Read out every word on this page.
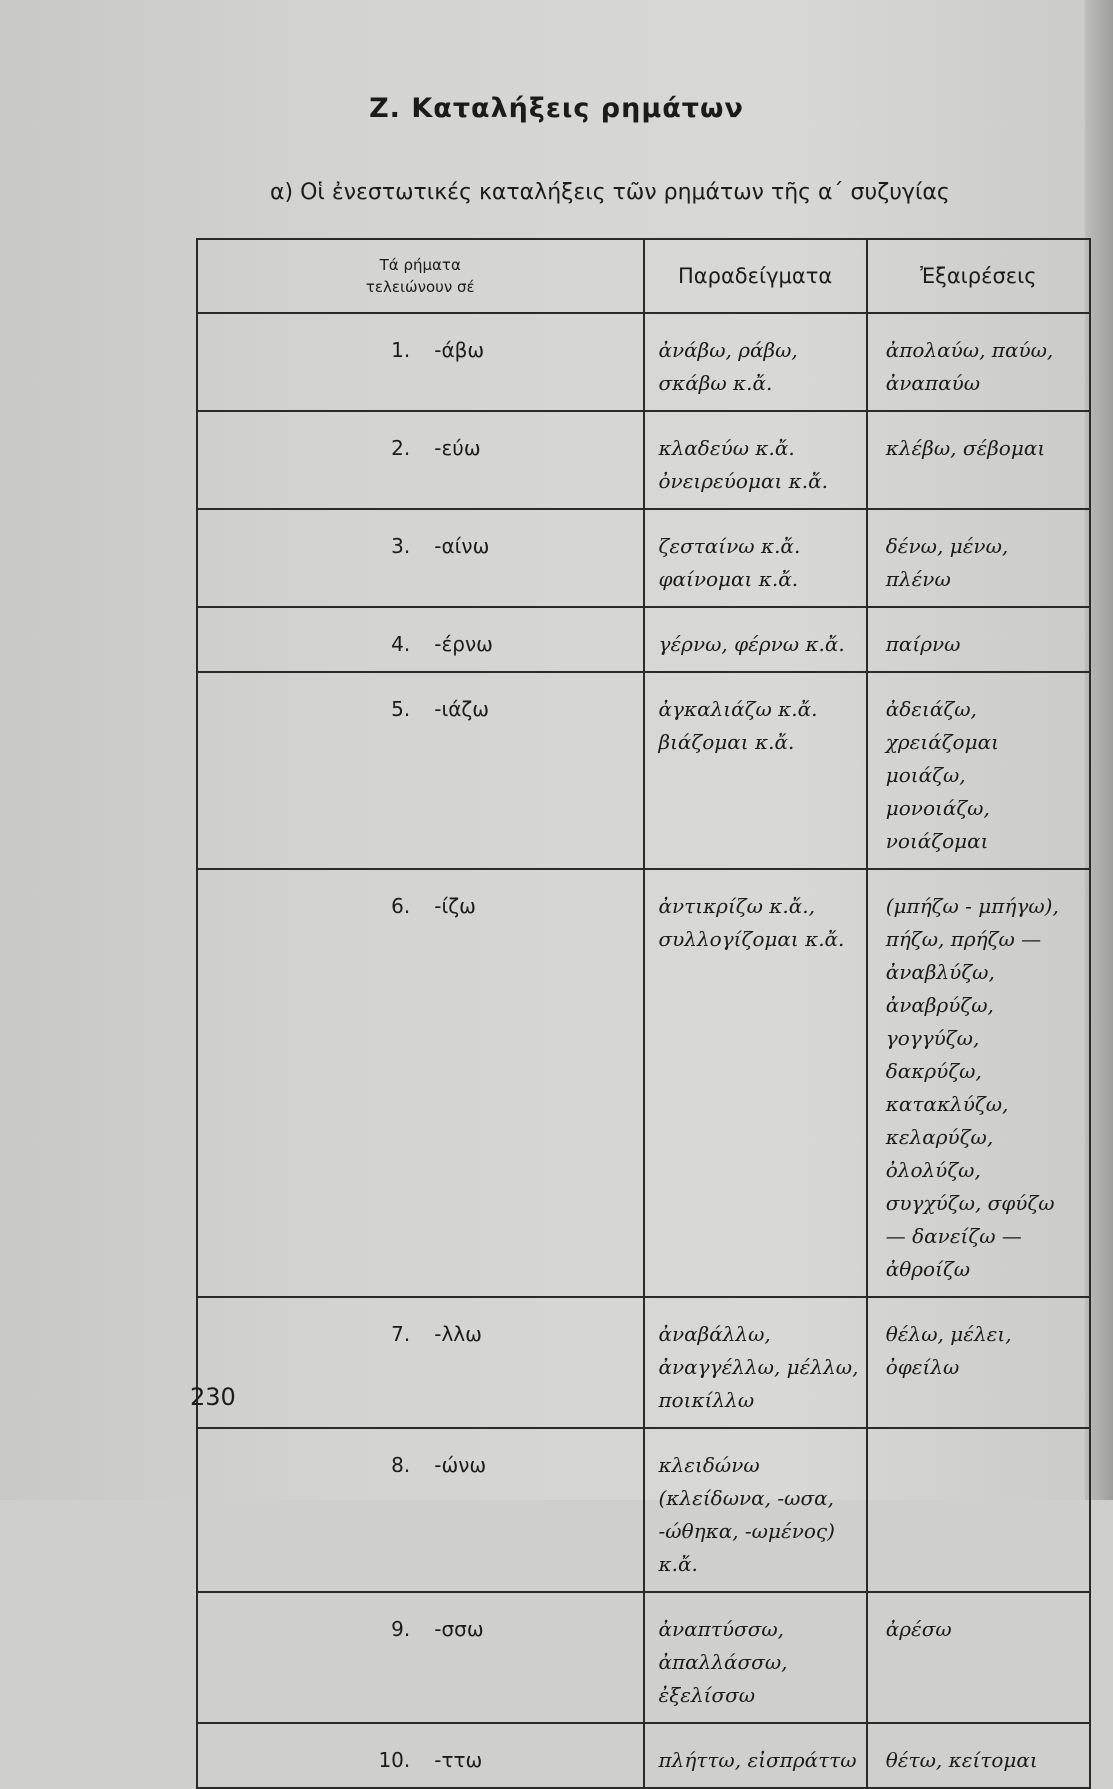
Ζ. Καταλήξεις ρημάτων
α) Οἱ ἐνεστωτικές καταλήξεις τῶν ρημάτων τῆς α΄ συζυγίας
Τά ρήματα
τελειώνουν σέ		Παραδείγματα	Ἐξαιρέσεις
1.	-άβω	ἀνάβω, ράβω, σκάβω κ.ἄ.	ἀπολαύω, παύω, ἀναπαύω
2.	-εύω	κλαδεύω κ.ἄ. ὀνειρεύομαι κ.ἄ.	κλέβω, σέβομαι
3.	-αίνω	ζεσταίνω κ.ἄ. φαίνομαι κ.ἄ.	δένω, μένω, πλένω
4.	-έρνω	γέρνω, φέρνω κ.ἄ.	παίρνω
5.	-ιάζω	ἀγκαλιάζω κ.ἄ. βιάζομαι κ.ἄ.	ἀδειάζω, χρειάζομαι μοιάζω, μονοιάζω, νοιάζομαι
6.	-ίζω	ἀντικρίζω κ.ἄ., συλλογίζομαι κ.ἄ.	(μπήζω - μπήγω), πήζω, πρήζω — ἀναβλύζω, ἀναβρύζω, γογγύζω, δακρύζω, κατακλύζω, κελαρύζω, ὀλολύζω, συγχύζω, σφύζω — δανείζω — ἀθροίζω
7.	-λλω	ἀναβάλλω, ἀναγγέλλω, μέλλω, ποικίλλω	θέλω, μέλει, ὀφείλω
8.	-ώνω	κλειδώνω (κλείδωνα, -ωσα, -ώθηκα, -ωμένος) κ.ἄ.	
9.	-σσω	ἀναπτύσσω, ἀπαλλάσσω, ἐξελίσσω	ἀρέσω
10.	-ττω	πλήττω, εἰσπράττω	θέτω, κείτομαι
230
